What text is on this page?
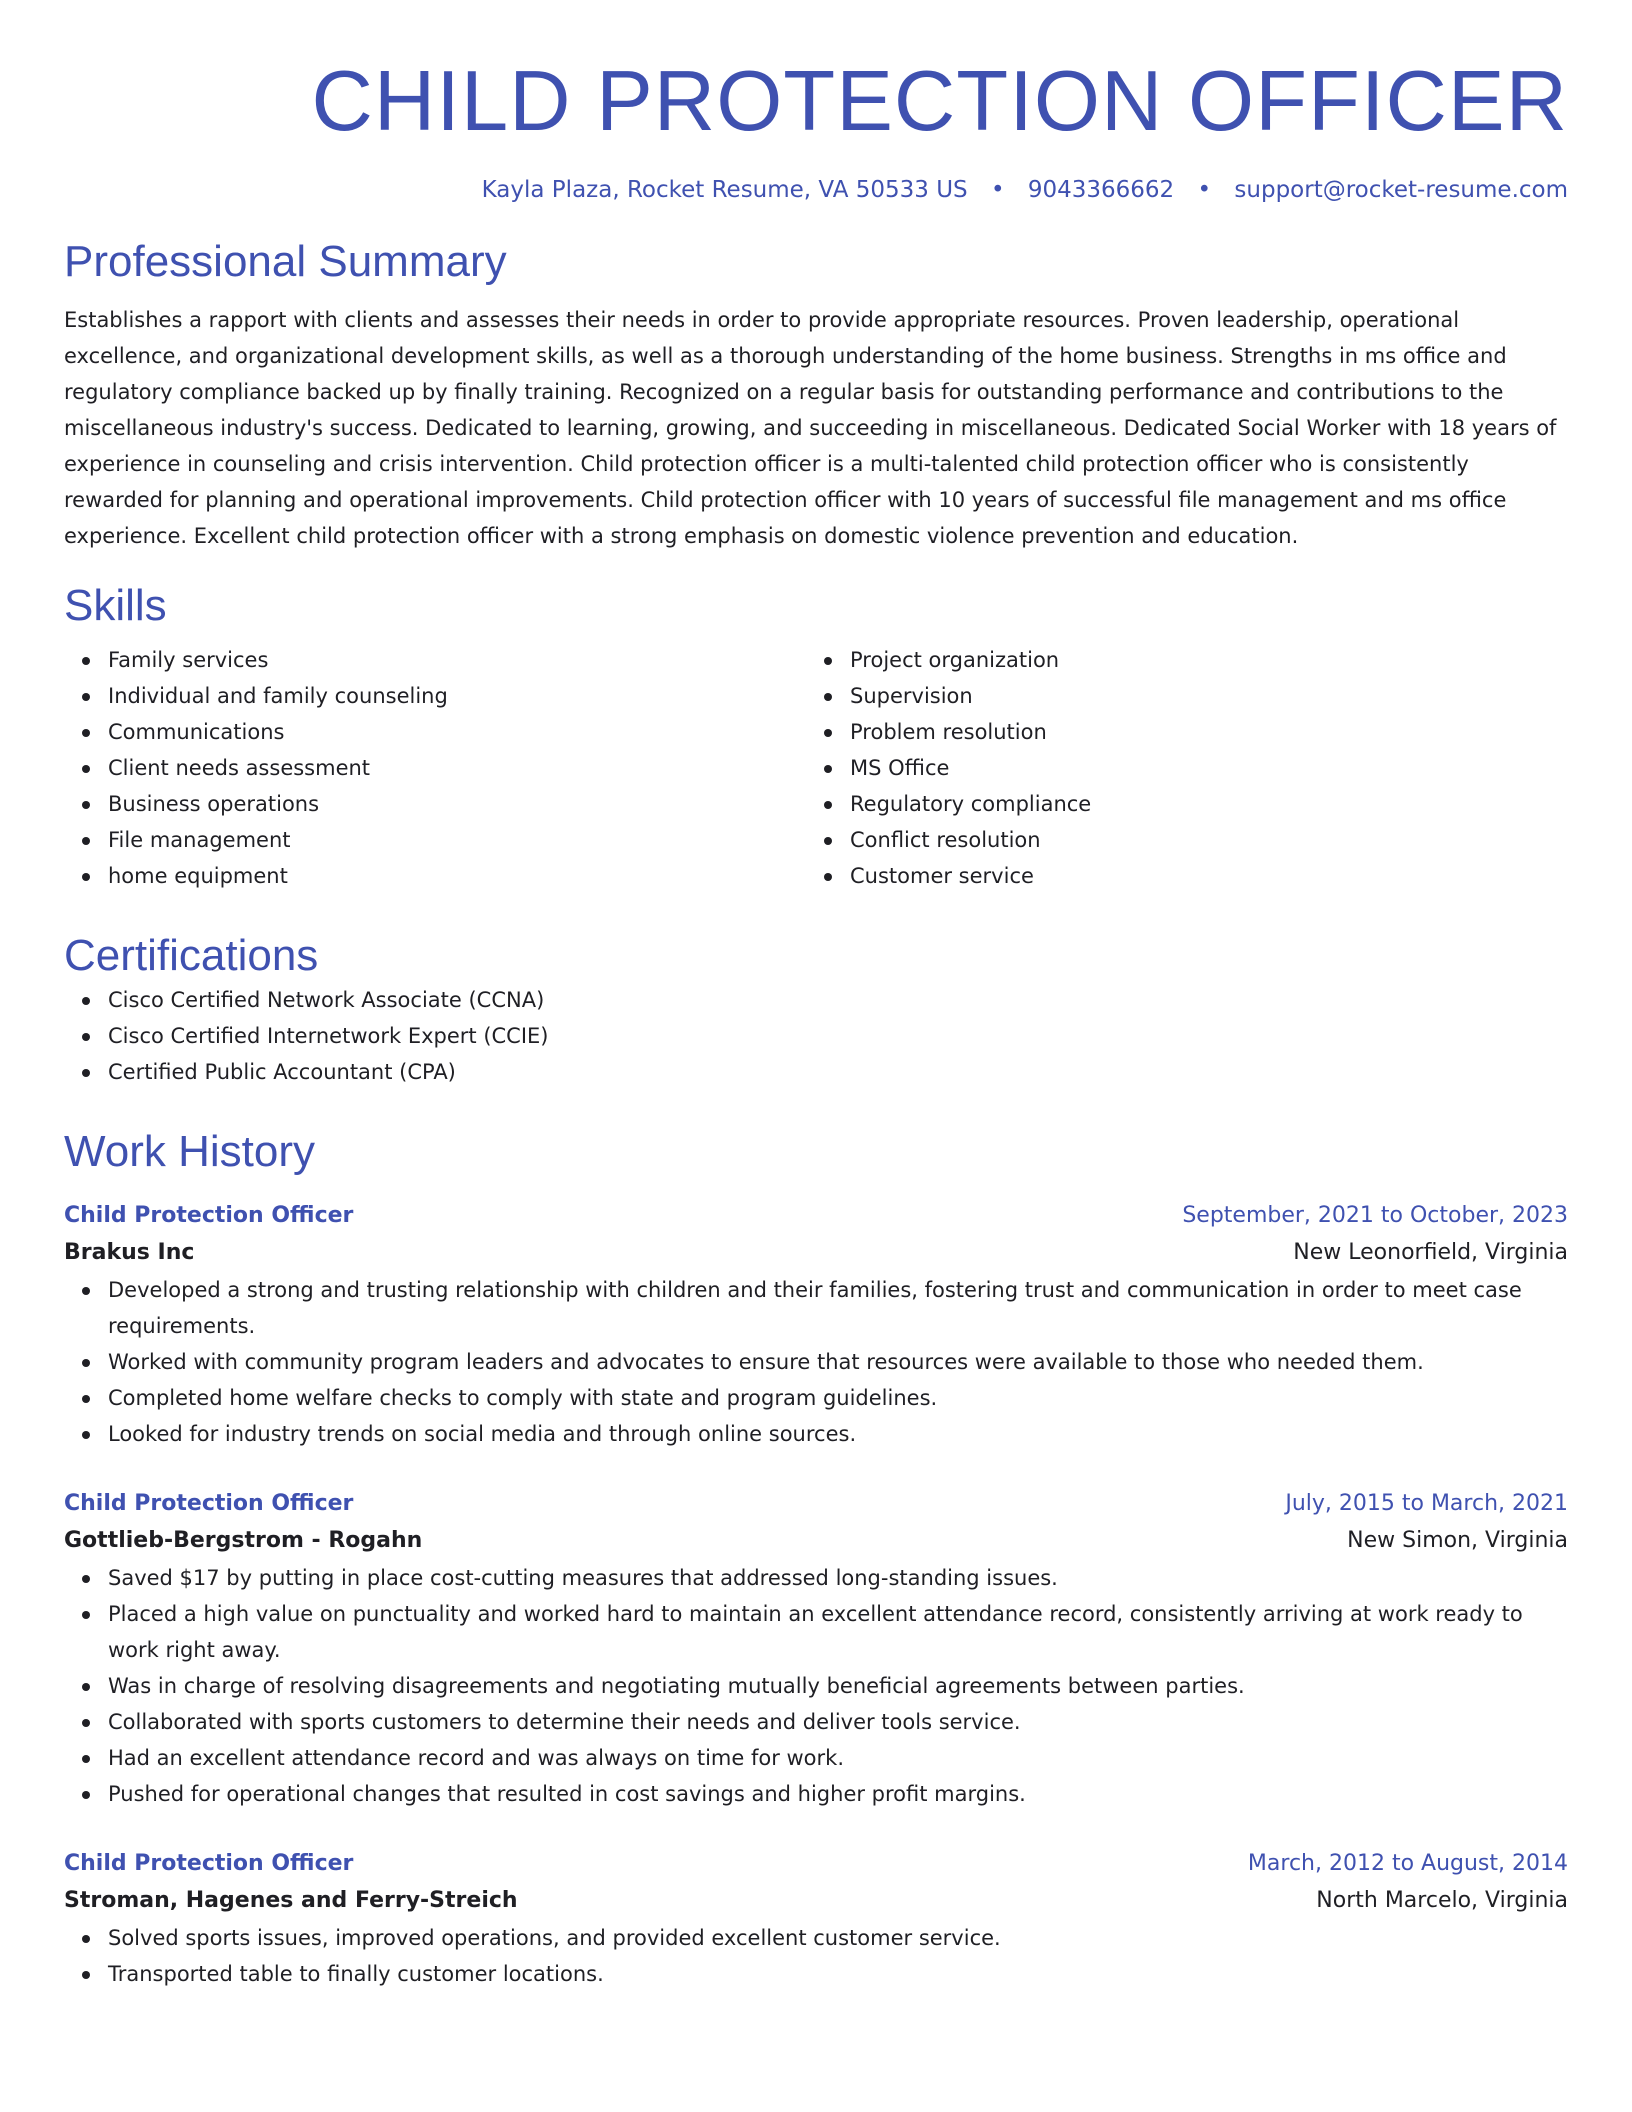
CHILD PROTECTION OFFICER
Kayla Plaza, Rocket Resume, VA 50533 US • 9043366662 • support@rocket-resume.com
Professional Summary
Establishes a rapport with clients and assesses their needs in order to provide appropriate resources. Proven leadership, operational excellence, and organizational development skills, as well as a thorough understanding of the home business. Strengths in ms office and regulatory compliance backed up by finally training. Recognized on a regular basis for outstanding performance and contributions to the miscellaneous industry's success. Dedicated to learning, growing, and succeeding in miscellaneous. Dedicated Social Worker with 18 years of experience in counseling and crisis intervention. Child protection officer is a multi-talented child protection officer who is consistently rewarded for planning and operational improvements. Child protection officer with 10 years of successful file management and ms office experience. Excellent child protection officer with a strong emphasis on domestic violence prevention and education.
Skills
Family services
Individual and family counseling
Communications
Client needs assessment
Business operations
File management
home equipment
Project organization
Supervision
Problem resolution
MS Office
Regulatory compliance
Conflict resolution
Customer service
Certifications
Cisco Certified Network Associate (CCNA)
Cisco Certified Internetwork Expert (CCIE)
Certified Public Accountant (CPA)
Work History
Child Protection Officer	September, 2021 to October, 2023
Brakus Inc	New Leonorfield, Virginia
Developed a strong and trusting relationship with children and their families, fostering trust and communication in order to meet case requirements.
Worked with community program leaders and advocates to ensure that resources were available to those who needed them.
Completed home welfare checks to comply with state and program guidelines.
Looked for industry trends on social media and through online sources.
Child Protection Officer	July, 2015 to March, 2021
Gottlieb-Bergstrom - Rogahn	New Simon, Virginia
Saved $17 by putting in place cost-cutting measures that addressed long-standing issues.
Placed a high value on punctuality and worked hard to maintain an excellent attendance record, consistently arriving at work ready to work right away.
Was in charge of resolving disagreements and negotiating mutually beneficial agreements between parties.
Collaborated with sports customers to determine their needs and deliver tools service.
Had an excellent attendance record and was always on time for work.
Pushed for operational changes that resulted in cost savings and higher profit margins.
Child Protection Officer	March, 2012 to August, 2014
Stroman, Hagenes and Ferry-Streich	North Marcelo, Virginia
Solved sports issues, improved operations, and provided excellent customer service.
Transported table to finally customer locations.
